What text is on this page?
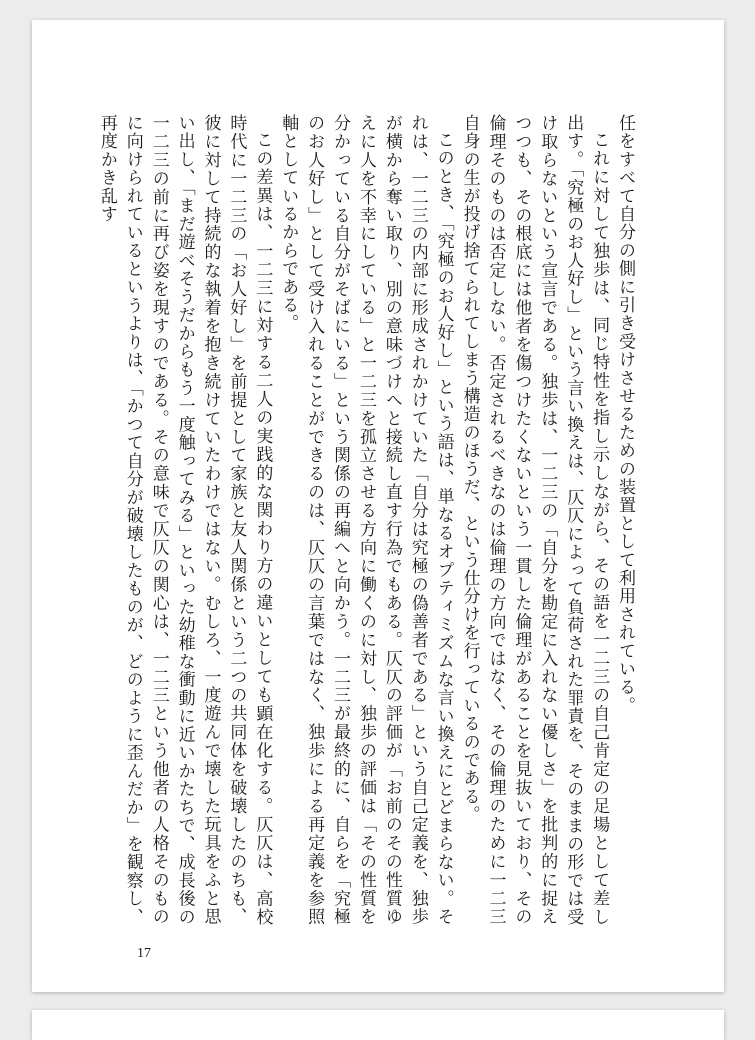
任をすべて自分の側に引き受けさせるための装置として利用されている。

これに対して独歩は、同じ特性を指し示しながら、その語を一二三の自己肯定の足場として差し出す。「究極のお人好し」という言い換えは、仄仄によって負荷された罪責を、そのままの形では受け取らないという宣言である。独歩は、一二三の「自分を勘定に入れない優しさ」を批判的に捉えつつも、その根底には他者を傷つけたくないという一貫した倫理があることを見抜いており、その倫理そのものは否定しない。否定されるべきなのは倫理の方向ではなく、その倫理のために一二三自身の生が投げ捨てられてしまう構造のほうだ、という仕分けを行っているのである。

このとき、「究極のお人好し」という語は、単なるオプティミズムな言い換えにとどまらない。それは、一二三の内部に形成されかけていた「自分は究極の偽善者である」という自己定義を、独歩が横から奪い取り、別の意味づけへと接続し直す行為でもある。仄仄の評価が「お前のその性質ゆえに人を不幸にしている」と一二三を孤立させる方向に働くのに対し、独歩の評価は「その性質を分かっている自分がそばにいる」という関係の再編へと向かう。一二三が最終的に、自らを「究極のお人好し」として受け入れることができるのは、仄仄の言葉ではなく、独歩による再定義を参照軸としているからである。

この差異は、一二三に対する二人の実践的な関わり方の違いとしても顕在化する。仄仄は、高校時代に一二三の「お人好し」を前提として家族と友人関係という二つの共同体を破壊したのちも、彼に対して持続的な執着を抱き続けていたわけではない。むしろ、一度遊んで壊した玩具をふと思い出し、「まだ遊べそうだからもう一度触ってみる」といった幼稚な衝動に近いかたちで、成長後の一二三の前に再び姿を現すのである。その意味で仄仄の関心は、一二三という他者の人格そのものに向けられているというよりは、「かつて自分が破壊したものが、どのように歪んだか」を観察し、再度かき乱す

17
